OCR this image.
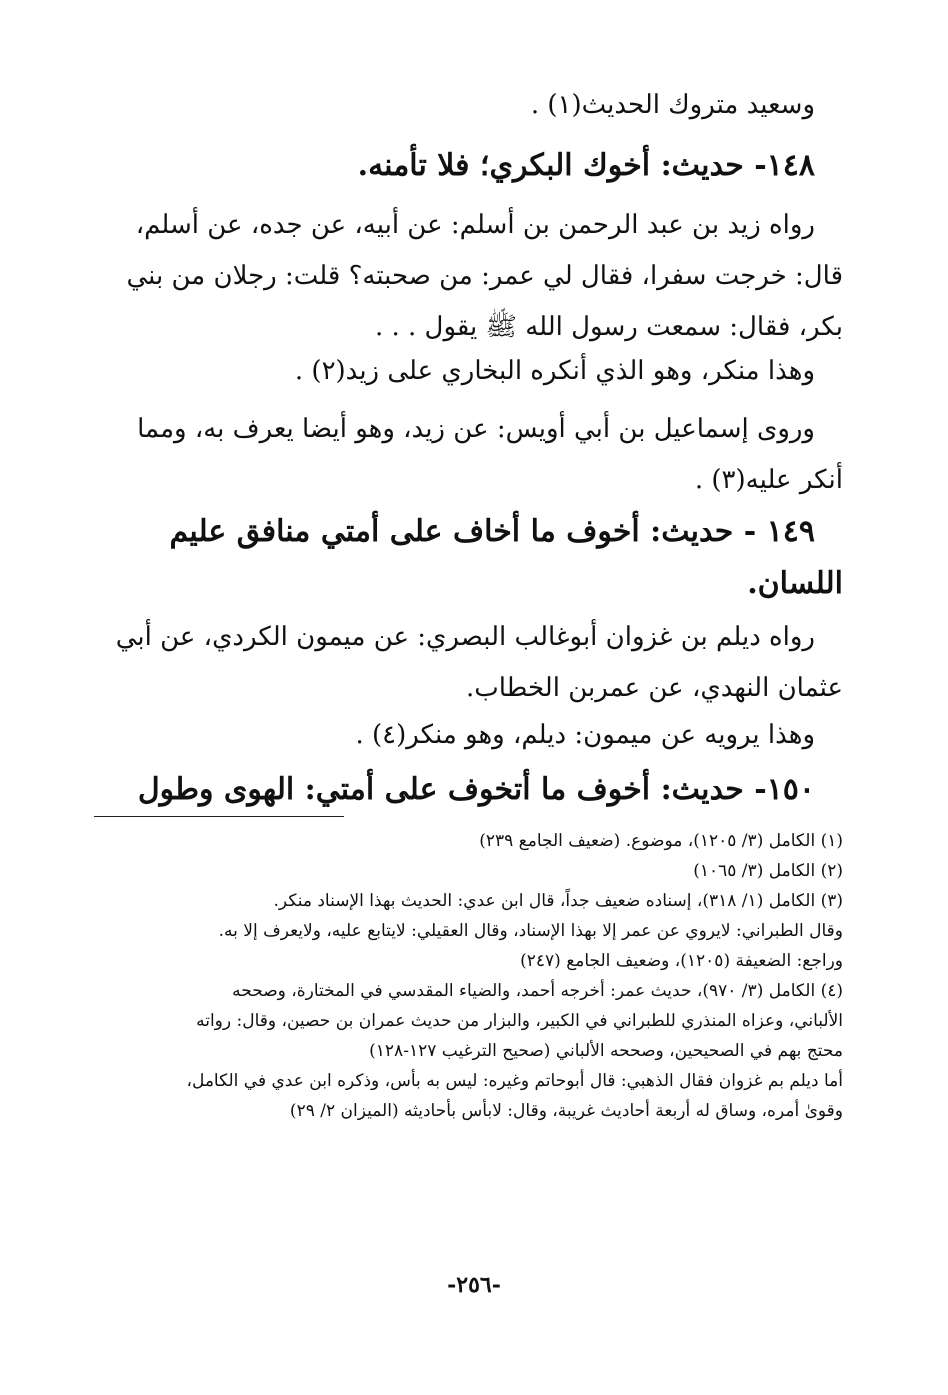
وسعيد متروك الحديث(١) .
١٤٨- حديث: أخوك البكري؛ فلا تأمنه.
رواه زيد بن عبد الرحمن بن أسلم: عن أبيه، عن جده، عن أسلم،
قال: خرجت سفرا، فقال لي عمر: من صحبته؟ قلت: رجلان من بني
بكر، فقال: سمعت رسول الله ﷺ يقول . . .
وهذا منكر، وهو الذي أنكره البخاري على زيد(٢) .
وروى إسماعيل بن أبي أويس: عن زيد، وهو أيضا يعرف به، ومما
أنكر عليه(٣) .
١٤٩ - حديث: أخوف ما أخاف على أمتي منافق عليم
اللسان.
رواه ديلم بن غزوان أبوغالب البصري: عن ميمون الكردي، عن أبي
عثمان النهدي، عن عمربن الخطاب.
وهذا يرويه عن ميمون: ديلم، وهو منكر(٤) .
١٥٠- حديث: أخوف ما أتخوف على أمتي: الهوى وطول
(١) الكامل (٣/ ١٢٠٥)، موضوع. (ضعيف الجامع ٢٣٩)
(٢) الكامل (٣/ ١٠٦٥)
(٣) الكامل (١/ ٣١٨)، إسناده ضعيف جداً، قال ابن عدي: الحديث بهذا الإسناد منكر.
وقال الطبراني: لايروي عن عمر إلا بهذا الإسناد، وقال العقيلي: لايتابع عليه، ولايعرف إلا به.
وراجع: الضعيفة (١٢٠٥)، وضعيف الجامع (٢٤٧)
(٤) الكامل (٣/ ٩٧٠)، حديث عمر: أخرجه أحمد، والضياء المقدسي في المختارة، وصححه
الألباني، وعزاه المنذري للطبراني في الكبير، والبزار من حديث عمران بن حصين، وقال: رواته
محتج بهم في الصحيحين، وصححه الألباني (صحيح الترغيب ١٢٧-١٢٨)
أما ديلم بم غزوان فقال الذهبي: قال أبوحاتم وغيره: ليس به بأس، وذكره ابن عدي في الكامل،
وقوىٰ أمره، وساق له أربعة أحاديث غريبة، وقال: لابأس بأحاديثه (الميزان ٢/ ٢٩)
-٢٥٦-
